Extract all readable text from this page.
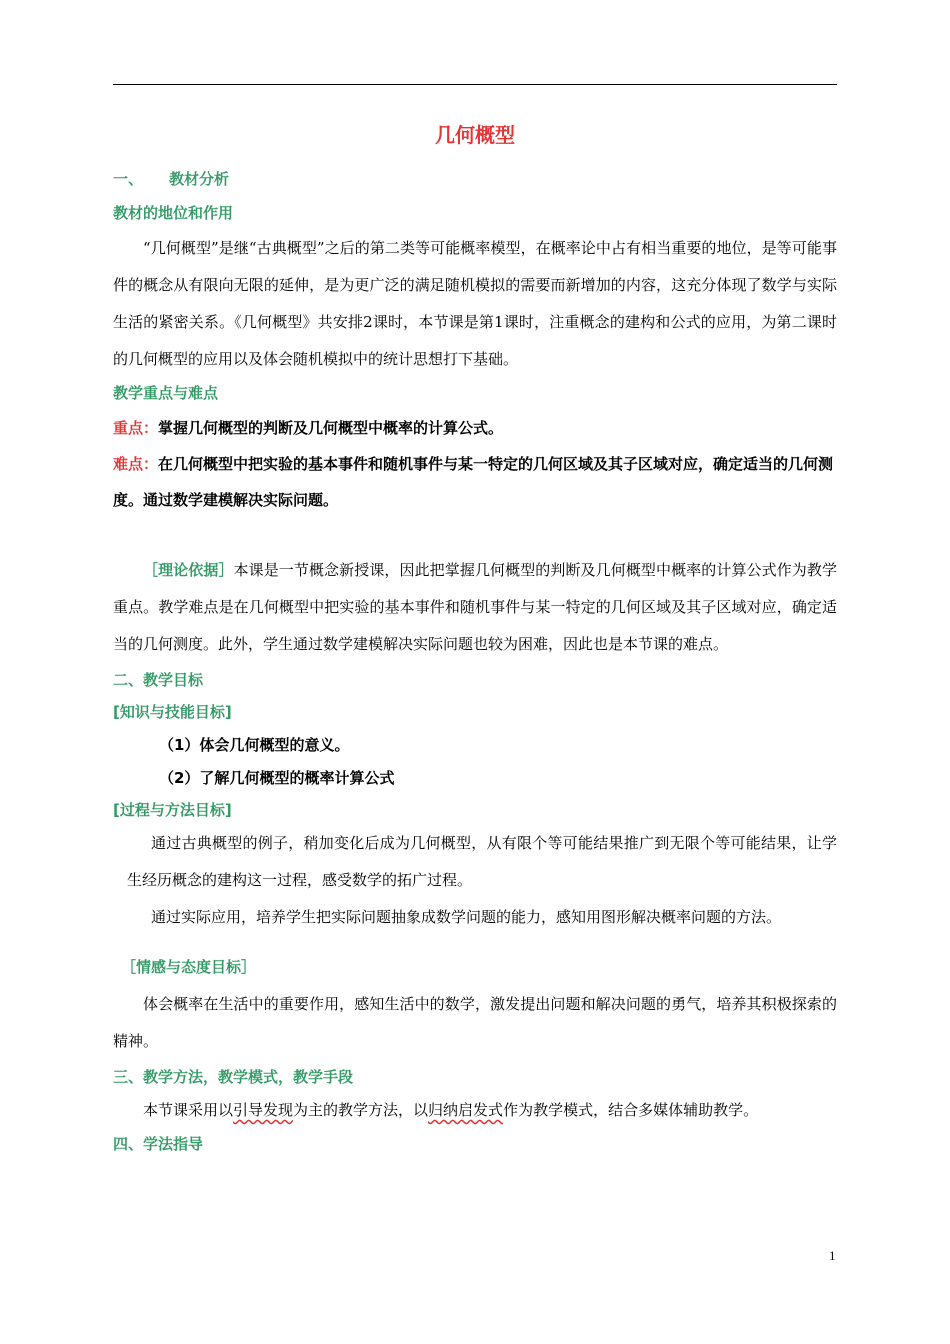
几何概型
一、 教材分析
教材的地位和作用

“几何概型”是继“古典概型”之后的第二类等可能概率模型，在概率论中占有相当重要的地位，是等可能事件的概念从有限向无限的延伸，是为更广泛的满足随机模拟的需要而新增加的内容，这充分体现了数学与实际生活的紧密关系。《几何概型》共安排2课时，本节课是第1课时，注重概念的建构和公式的应用，为第二课时的几何概型的应用以及体会随机模拟中的统计思想打下基础。

教学重点与难点

重点：掌握几何概型的判断及几何概型中概率的计算公式。

难点：在几何概型中把实验的基本事件和随机事件与某一特定的几何区域及其子区域对应，确定适当的几何测度。通过数学建模解决实际问题。

［理论依据］本课是一节概念新授课，因此把掌握几何概型的判断及几何概型中概率的计算公式作为教学重点。教学难点是在几何概型中把实验的基本事件和随机事件与某一特定的几何区域及其子区域对应，确定适当的几何测度。此外，学生通过数学建模解决实际问题也较为困难，因此也是本节课的难点。

二、教学目标
[知识与技能目标]

（1）体会几何概型的意义。

（2）了解几何概型的概率计算公式

[过程与方法目标]

通过古典概型的例子，稍加变化后成为几何概型，从有限个等可能结果推广到无限个等可能结果，让学生经历概念的建构这一过程，感受数学的拓广过程。

通过实际应用，培养学生把实际问题抽象成数学问题的能力，感知用图形解决概率问题的方法。

［情感与态度目标］

体会概率在生活中的重要作用，感知生活中的数学，激发提出问题和解决问题的勇气，培养其积极探索的精神。

三、教学方法，教学模式，教学手段

本节课采用以引导发现为主的教学方法，以归纳启发式作为教学模式，结合多媒体辅助教学。

四、学法指导
1
